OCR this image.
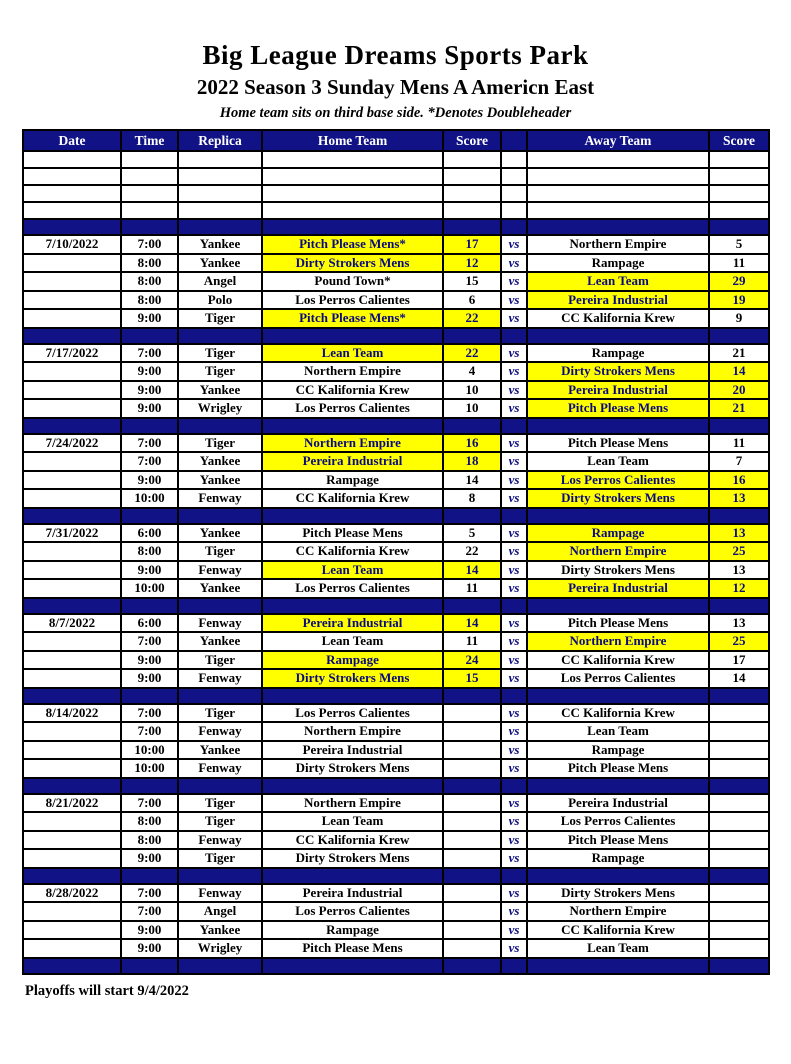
Big League Dreams Sports Park
2022 Season 3 Sunday Mens A Americn East
Home team sits on third base side. *Denotes Doubleheader
Date	Time	Replica	Home Team	Score		Away Team	Score

7/10/2022	7:00	Yankee	Pitch Please Mens*	17	vs	Northern Empire	5
	8:00	Yankee	Dirty Strokers Mens	12	vs	Rampage	11
	8:00	Angel	Pound Town*	15	vs	Lean Team	29
	8:00	Polo	Los Perros Calientes	6	vs	Pereira Industrial	19
	9:00	Tiger	Pitch Please Mens*	22	vs	CC Kalifornia Krew	9

7/17/2022	7:00	Tiger	Lean Team	22	vs	Rampage	21
	9:00	Tiger	Northern Empire	4	vs	Dirty Strokers Mens	14
	9:00	Yankee	CC Kalifornia Krew	10	vs	Pereira Industrial	20
	9:00	Wrigley	Los Perros Calientes	10	vs	Pitch Please Mens	21

7/24/2022	7:00	Tiger	Northern Empire	16	vs	Pitch Please Mens	11
	7:00	Yankee	Pereira Industrial	18	vs	Lean Team	7
	9:00	Yankee	Rampage	14	vs	Los Perros Calientes	16
	10:00	Fenway	CC Kalifornia Krew	8	vs	Dirty Strokers Mens	13

7/31/2022	6:00	Yankee	Pitch Please Mens	5	vs	Rampage	13
	8:00	Tiger	CC Kalifornia Krew	22	vs	Northern Empire	25
	9:00	Fenway	Lean Team	14	vs	Dirty Strokers Mens	13
	10:00	Yankee	Los Perros Calientes	11	vs	Pereira Industrial	12

8/7/2022	6:00	Fenway	Pereira Industrial	14	vs	Pitch Please Mens	13
	7:00	Yankee	Lean Team	11	vs	Northern Empire	25
	9:00	Tiger	Rampage	24	vs	CC Kalifornia Krew	17
	9:00	Fenway	Dirty Strokers Mens	15	vs	Los Perros Calientes	14

8/14/2022	7:00	Tiger	Los Perros Calientes		vs	CC Kalifornia Krew	
	7:00	Fenway	Northern Empire		vs	Lean Team	
	10:00	Yankee	Pereira Industrial		vs	Rampage	
	10:00	Fenway	Dirty Strokers Mens		vs	Pitch Please Mens	

8/21/2022	7:00	Tiger	Northern Empire		vs	Pereira Industrial	
	8:00	Tiger	Lean Team		vs	Los Perros Calientes	
	8:00	Fenway	CC Kalifornia Krew		vs	Pitch Please Mens	
	9:00	Tiger	Dirty Strokers Mens		vs	Rampage	

8/28/2022	7:00	Fenway	Pereira Industrial		vs	Dirty Strokers Mens	
	7:00	Angel	Los Perros Calientes		vs	Northern Empire	
	9:00	Yankee	Rampage		vs	CC Kalifornia Krew	
	9:00	Wrigley	Pitch Please Mens		vs	Lean Team	

Playoffs will start 9/4/2022
